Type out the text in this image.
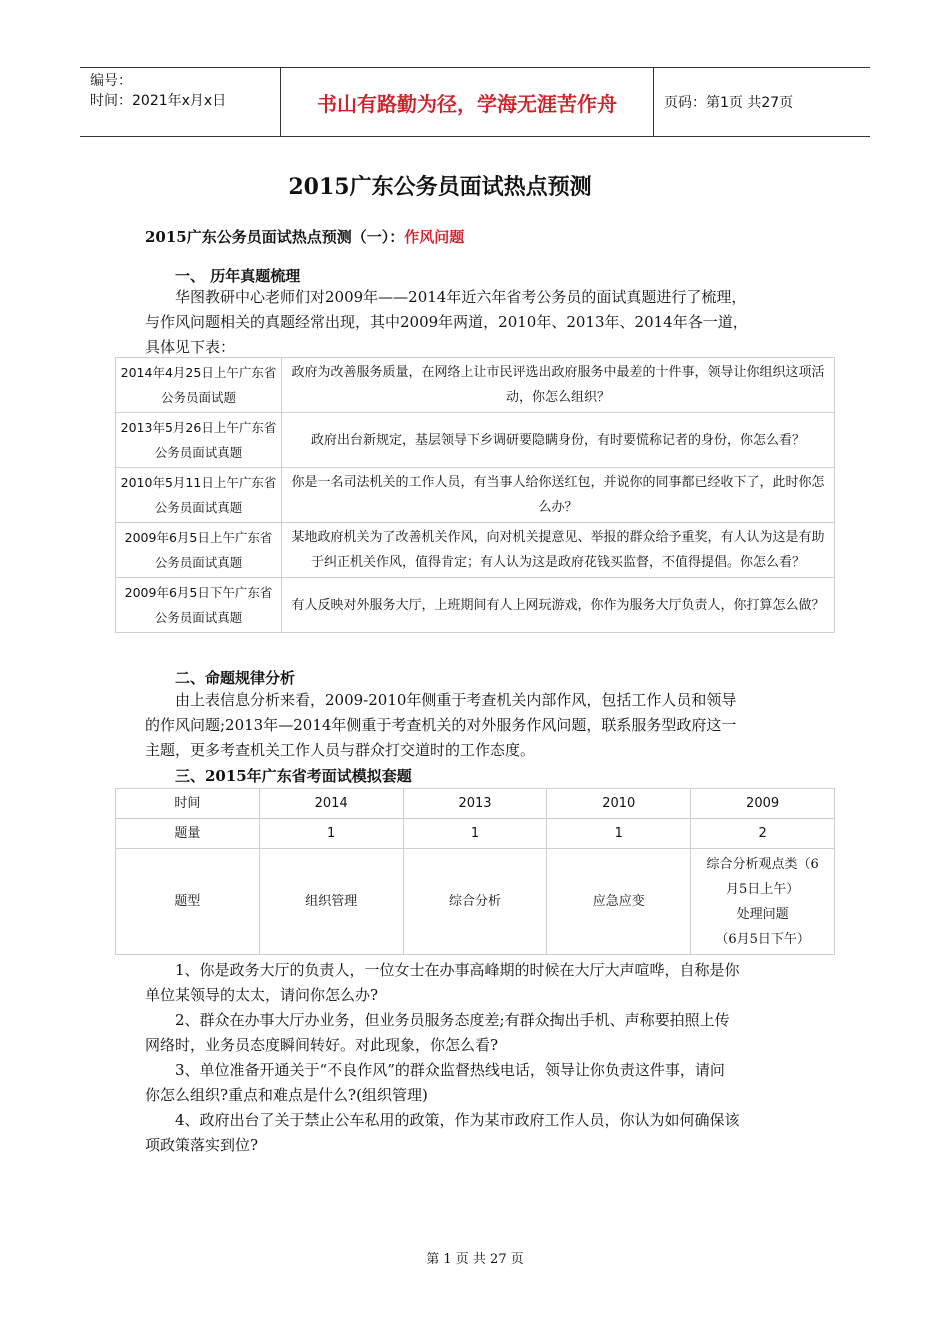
编号：
时间：2021年x月x日	书山有路勤为径，学海无涯苦作舟	页码：第1页 共27页
2015广东公务员面试热点预测
2015广东公务员面试热点预测（一）：作风问题
一、 历年真题梳理
华图教研中心老师们对2009年——2014年近六年省考公务员的面试真题进行了梳理，
与作风问题相关的真题经常出现，其中2009年两道，2010年、2013年、2014年各一道，
具体见下表：
2014年4月25日上午广东省公务员面试题	政府为改善服务质量，在网络上让市民评选出政府服务中最差的十件事，领导让你组织这项活动，你怎么组织？
2013年5月26日上午广东省公务员面试真题	政府出台新规定，基层领导下乡调研要隐瞒身份，有时要慌称记者的身份，你怎么看？
2010年5月11日上午广东省公务员面试真题	你是一名司法机关的工作人员，有当事人给你送红包，并说你的同事都已经收下了，此时你怎么办？
2009年6月5日上午广东省公务员面试真题	某地政府机关为了改善机关作风，向对机关提意见、举报的群众给予重奖，有人认为这是有助于纠正机关作风，值得肯定；有人认为这是政府花钱买监督，不值得提倡。你怎么看？
2009年6月5日下午广东省公务员面试真题	有人反映对外服务大厅，上班期间有人上网玩游戏，你作为服务大厅负责人，你打算怎么做？
二、命题规律分析
由上表信息分析来看，2009-2010年侧重于考查机关内部作风，包括工作人员和领导
的作风问题;2013年—2014年侧重于考查机关的对外服务作风问题，联系服务型政府这一
主题，更多考查机关工作人员与群众打交道时的工作态度。
三、2015年广东省考面试模拟套题
时间	2014	2013	2010	2009
题量	1	1	1	2
题型	组织管理	综合分析	应急应变	综合分析观点类（6
月5日上午）
处理问题
（6月5日下午）
1、你是政务大厅的负责人，一位女士在办事高峰期的时候在大厅大声喧哗，自称是你
单位某领导的太太，请问你怎么办?
2、群众在办事大厅办业务，但业务员服务态度差;有群众掏出手机、声称要拍照上传
网络时，业务员态度瞬间转好。对此现象，你怎么看?
3、单位准备开通关于“不良作风”的群众监督热线电话，领导让你负责这件事，请问
你怎么组织?重点和难点是什么?(组织管理)
4、政府出台了关于禁止公车私用的政策，作为某市政府工作人员，你认为如何确保该
项政策落实到位?
第 1 页 共 27 页
